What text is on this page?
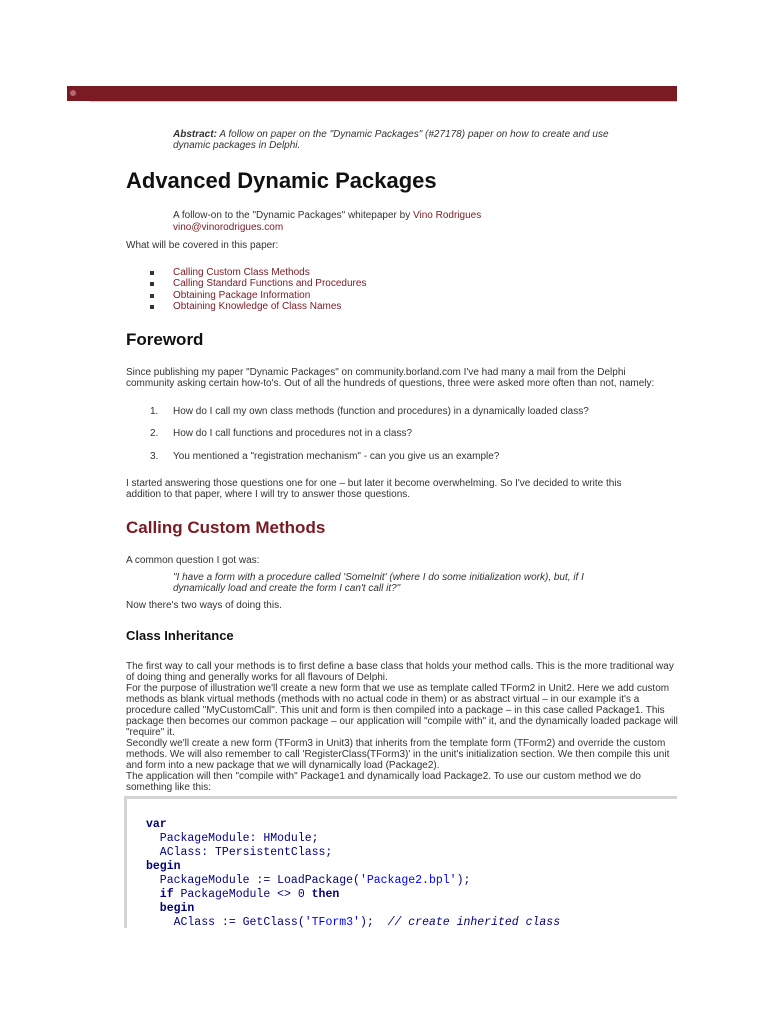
Abstract: A follow on paper on the "Dynamic Packages" (#27178) paper on how to create and use dynamic packages in Delphi.
Advanced Dynamic Packages
A follow-on to the "Dynamic Packages" whitepaper by Vino Rodrigues
vino@vinorodrigues.com
What will be covered in this paper:
Calling Custom Class Methods
Calling Standard Functions and Procedures
Obtaining Package Information
Obtaining Knowledge of Class Names
Foreword
Since publishing my paper "Dynamic Packages" on community.borland.com I've had many a mail from the Delphi community asking certain how-to's. Out of all the hundreds of questions, three were asked more often than not, namely:
1. How do I call my own class methods (function and procedures) in a dynamically loaded class?
2. How do I call functions and procedures not in a class?
3. You mentioned a "registration mechanism" - can you give us an example?
I started answering those questions one for one – but later it become overwhelming. So I've decided to write this addition to that paper, where I will try to answer those questions.
Calling Custom Methods
A common question I got was:
"I have a form with a procedure called 'SomeInit' (where I do some initialization work), but, if I dynamically load and create the form I can't call it?"
Now there's two ways of doing this.
Class Inheritance
The first way to call your methods is to first define a base class that holds your method calls. This is the more traditional way of doing thing and generally works for all flavours of Delphi.
For the purpose of illustration we'll create a new form that we use as template called TForm2 in Unit2. Here we add custom methods as blank virtual methods (methods with no actual code in them) or as abstract virtual – in our example it's a procedure called "MyCustomCall". This unit and form is then compiled into a package – in this case called Package1. This package then becomes our common package – our application will "compile with" it, and the dynamically loaded package will "require" it.
Secondly we'll create a new form (TForm3 in Unit3) that inherits from the template form (TForm2) and override the custom methods. We will also remember to call 'RegisterClass(TForm3)' in the unit's initialization section. We then compile this unit and form into a new package that we will dynamically load (Package2).
The application will then "compile with" Package1 and dynamically load Package2. To use our custom method we do something like this:
var
PackageModule: HModule;
AClass: TPersistentClass;
begin
PackageModule := LoadPackage('Package2.bpl');
if PackageModule <> 0 then
begin
AClass := GetClass('TForm3');  // create inherited class
